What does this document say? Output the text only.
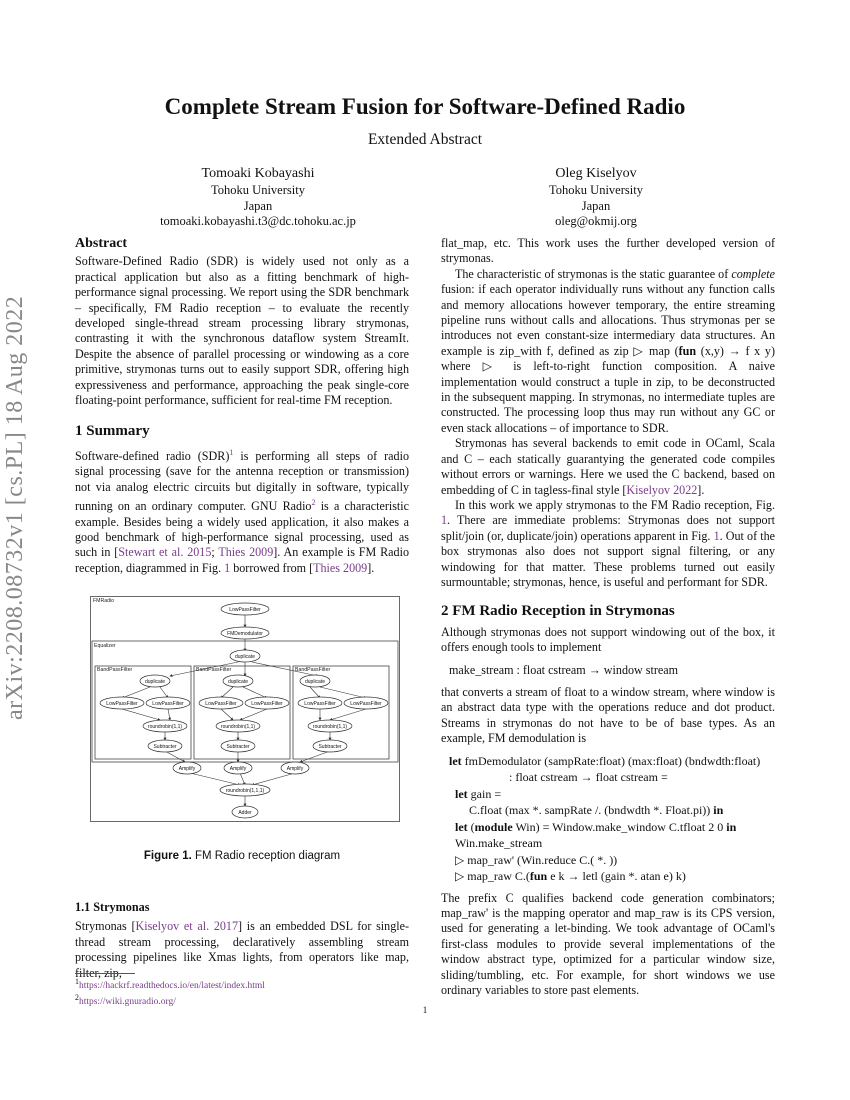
Complete Stream Fusion for Software-Defined Radio
Extended Abstract
Tomoaki Kobayashi
Tohoku University
Japan
tomoaki.kobayashi.t3@dc.tohoku.ac.jp
Oleg Kiselyov
Tohoku University
Japan
oleg@okmij.org
arXiv:2208.08732v1 [cs.PL] 18 Aug 2022
Abstract

Software-Defined Radio (SDR) is widely used not only as a practical application but also as a fitting benchmark of high-performance signal processing. We report using the SDR benchmark – specifically, FM Radio reception – to evaluate the recently developed single-thread stream processing library strymonas, contrasting it with the synchronous dataflow system StreamIt. Despite the absence of parallel processing or windowing as a core primitive, strymonas turns out to easily support SDR, offering high expressiveness and performance, approaching the peak single-core floating-point performance, sufficient for real-time FM reception.

1 Summary

Software-defined radio (SDR)$^1$ is performing all steps of radio signal processing (save for the antenna reception or transmission) not via analog electric circuits but digitally in software, typically running on an ordinary computer. GNU Radio$^2$ is a characteristic example. Besides being a widely used application, it also makes a good benchmark of high-performance signal processing, used as such in [Stewart et al. 2015; Thies 2009]. An example is FM Radio reception, diagrammed in Fig. 1 borrowed from [Thies 2009].

FMRadio
Equalizer
BandPassFilter	BandPassFilter	BandPassFilter
LowPassFilter
FMDemodulator
duplicate
duplicate	duplicate	duplicate
LowPassFilter	LowPassFilter	LowPassFilter	LowPassFilter	LowPassFilter	LowPassFilter
roundrobin(1,1)	roundrobin(1,1)	roundrobin(1,1)
Subtracter	Subtracter	Subtracter
Amplify	Amplify	Amplify
roundrobin(1,1,1)
Adder
Figure 1. FM Radio reception diagram
1.1 Strymonas

Strymonas [Kiselyov et al. 2017] is an embedded DSL for single-thread stream processing, declaratively assembling stream processing pipelines like Xmas lights, from operators like map, filter, zip,

$^1$https://hackrf.readthedocs.io/en/latest/index.html
$^2$https://wiki.gnuradio.org/

flat_map, etc. This work uses the further developed version of strymonas.

The characteristic of strymonas is the static guarantee of complete fusion: if each operator individually runs without any function calls and memory allocations however temporary, the entire streaming pipeline runs without calls and allocations. Thus strymonas per se introduces not even constant-size intermediary data structures. An example is zip_with f, defined as zip ▷ map (fun (x,y) → f x y) where ▷ is left-to-right function composition. A naive implementation would construct a tuple in zip, to be deconstructed in the subsequent mapping. In strymonas, no intermediate tuples are constructed. The processing loop thus may run without any GC or even stack allocations – of importance to SDR.

Strymonas has several backends to emit code in OCaml, Scala and C – each statically guarantying the generated code compiles without errors or warnings. Here we used the C backend, based on embedding of C in tagless-final style [Kiselyov 2022].

In this work we apply strymonas to the FM Radio reception, Fig. 1. There are immediate problems: Strymonas does not support split/join (or, duplicate/join) operations apparent in Fig. 1. Out of the box strymonas also does not support signal filtering, or any windowing for that matter. These problems turned out easily surmountable; strymonas, hence, is useful and performant for SDR.

2 FM Radio Reception in Strymonas

Although strymonas does not support windowing out of the box, it offers enough tools to implement

make_stream : float cstream → window stream

that converts a stream of float to a window stream, where window is an abstract data type with the operations reduce and dot product. Streams in strymonas do not have to be of base types. As an example, FM demodulation is

let fmDemodulator (sampRate:float) (max:float) (bndwdth:float)
: float cstream → float cstream =
let gain =
C.float (max *. sampRate /. (bndwdth *. Float.pi)) in
let (module Win) = Window.make_window C.tfloat 2 0 in
Win.make_stream
▷ map_raw' (Win.reduce C.( *. ))
▷ map_raw C.(fun e k → letl (gain *. atan e) k)

The prefix C qualifies backend code generation combinators; map_raw' is the mapping operator and map_raw is its CPS version, used for generating a let-binding. We took advantage of OCaml's first-class modules to provide several implementations of the window abstract type, optimized for a particular window size, sliding/tumbling, etc. For example, for short windows we use ordinary variables to store past elements.

1
